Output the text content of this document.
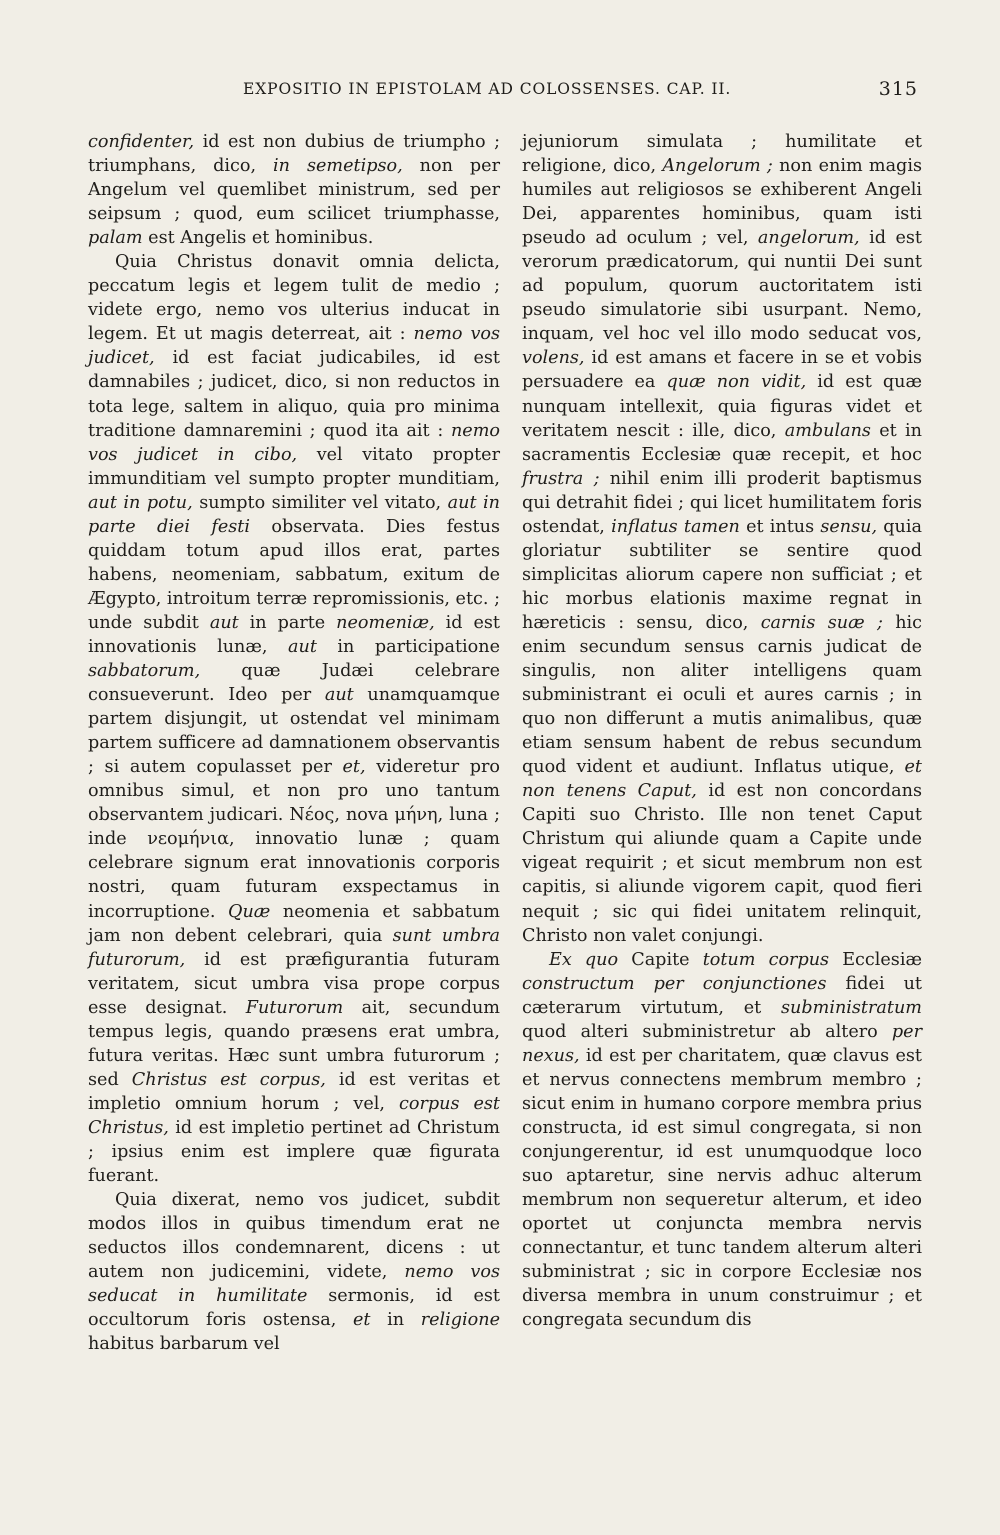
EXPOSITIO IN EPISTOLAM AD COLOSSENSES. CAP. II.	315

confidenter, id est non dubius de triumpho ; triumphans, dico, in semetipso, non per Angelum vel quemlibet ministrum, sed per seipsum ; quod, eum scilicet triumphasse, palam est Angelis et hominibus.

Quia Christus donavit omnia delicta, peccatum legis et legem tulit de medio ; videte ergo, nemo vos ulterius inducat in legem. Et ut magis deterreat, ait : nemo vos judicet, id est faciat judicabiles, id est damnabiles ; judicet, dico, si non reductos in tota lege, saltem in aliquo, quia pro minima traditione damnaremini ; quod ita ait : nemo vos judicet in cibo, vel vitato propter immunditiam vel sumpto propter munditiam, aut in potu, sumpto similiter vel vitato, aut in parte diei festi observata. Dies festus quiddam totum apud illos erat, partes habens, neomeniam, sabbatum, exitum de Ægypto, introitum terræ repromissionis, etc. ; unde subdit aut in parte neomeniæ, id est innovationis lunæ, aut in participatione sabbatorum, quæ Judæi celebrare consueverunt. Ideo per aut unamquamque partem disjungit, ut ostendat vel minimam partem sufficere ad damnationem observantis ; si autem copulasset per et, videretur pro omnibus simul, et non pro uno tantum observantem judicari. Νέος, nova μήνη, luna ; inde νεομήνια, innovatio lunæ ; quam celebrare signum erat innovationis corporis nostri, quam futuram exspectamus in incorruptione. Quæ neomenia et sabbatum jam non debent celebrari, quia sunt umbra futurorum, id est præfigurantia futuram veritatem, sicut umbra visa prope corpus esse designat. Futurorum ait, secundum tempus legis, quando præsens erat umbra, futura veritas. Hæc sunt umbra futurorum ; sed Christus est corpus, id est veritas et impletio omnium horum ; vel, corpus est Christus, id est impletio pertinet ad Christum ; ipsius enim est implere quæ figurata fuerant.

Quia dixerat, nemo vos judicet, subdit modos illos in quibus timendum erat ne seductos illos condemnarent, dicens : ut autem non judicemini, videte, nemo vos seducat in humilitate sermonis, id est occultorum foris ostensa, et in religione habitus barbarum vel

jejuniorum simulata ; humilitate et religione, dico, Angelorum ; non enim magis humiles aut religiosos se exhiberent Angeli Dei, apparentes hominibus, quam isti pseudo ad oculum ; vel, angelorum, id est verorum prædicatorum, qui nuntii Dei sunt ad populum, quorum auctoritatem isti pseudo simulatorie sibi usurpant. Nemo, inquam, vel hoc vel illo modo seducat vos, volens, id est amans et facere in se et vobis persuadere ea quæ non vidit, id est quæ nunquam intellexit, quia figuras videt et veritatem nescit : ille, dico, ambulans et in sacramentis Ecclesiæ quæ recepit, et hoc frustra ; nihil enim illi proderit baptismus qui detrahit fidei ; qui licet humilitatem foris ostendat, inflatus tamen et intus sensu, quia gloriatur subtiliter se sentire quod simplicitas aliorum capere non sufficiat ; et hic morbus elationis maxime regnat in hæreticis : sensu, dico, carnis suæ ; hic enim secundum sensus carnis judicat de singulis, non aliter intelligens quam subministrant ei oculi et aures carnis ; in quo non differunt a mutis animalibus, quæ etiam sensum habent de rebus secundum quod vident et audiunt. Inflatus utique, et non tenens Caput, id est non concordans Capiti suo Christo. Ille non tenet Caput Christum qui aliunde quam a Capite unde vigeat requirit ; et sicut membrum non est capitis, si aliunde vigorem capit, quod fieri nequit ; sic qui fidei unitatem relinquit, Christo non valet conjungi.

Ex quo Capite totum corpus Ecclesiæ constructum per conjunctiones fidei ut cæterarum virtutum, et subministratum quod alteri subministretur ab altero per nexus, id est per charitatem, quæ clavus est et nervus connectens membrum membro ; sicut enim in humano corpore membra prius constructa, id est simul congregata, si non conjungerentur, id est unumquodque loco suo aptaretur, sine nervis adhuc alterum membrum non sequeretur alterum, et ideo oportet ut conjuncta membra nervis connectantur, et tunc tandem alterum alteri subministrat ; sic in corpore Ecclesiæ nos diversa membra in unum construimur ; et congregata secundum dis
